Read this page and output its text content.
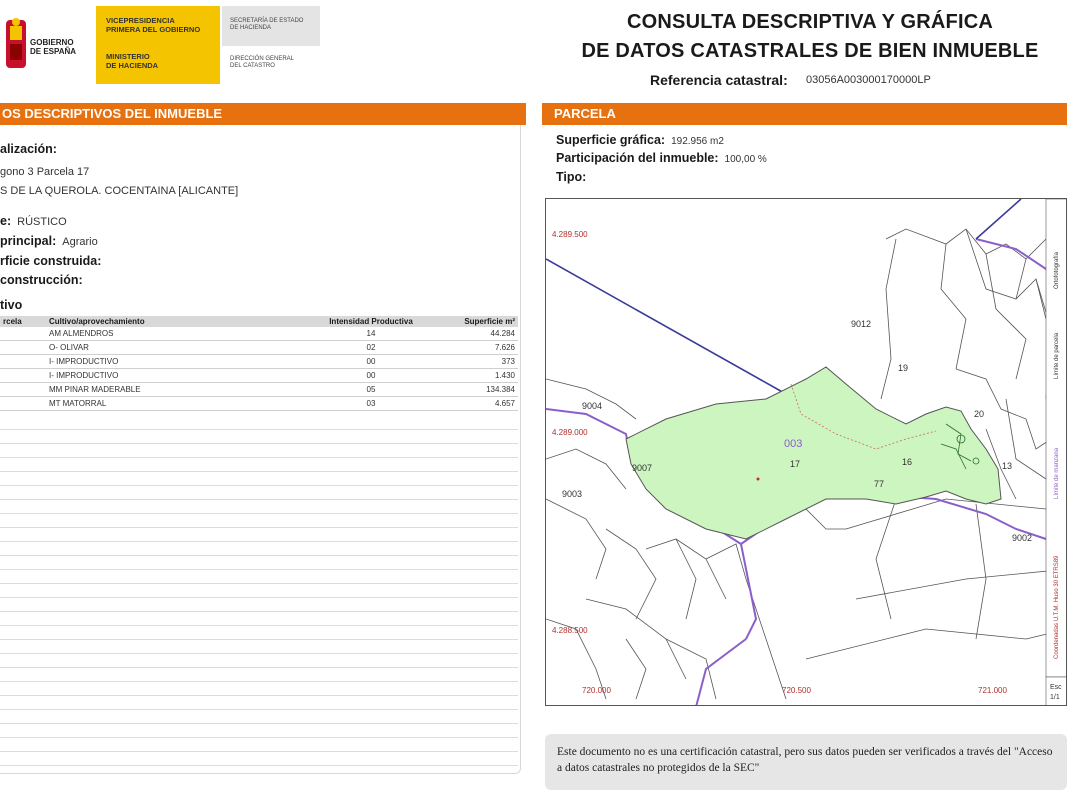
GOBIERNO
DE ESPAÑA
VICEPRESIDENCIA
PRIMERA DEL GOBIERNO
MINISTERIO
DE HACIENDA
SECRETARÍA DE ESTADO
DE HACIENDA
DIRECCIÓN GENERAL
DEL CATASTRO
CONSULTA DESCRIPTIVA Y GRÁFICA
DE DATOS CATASTRALES DE BIEN INMUEBLE
Referencia catastral: 03056A003000170000LP
OS DESCRIPTIVOS DEL INMUEBLE
alización:
gono 3 Parcela 17
S DE LA QUEROLA. COCENTAINA [ALICANTE]
e: RÚSTICO
principal: Agrario
rficie construida:
construcción:
tivo
rcela	Cultivo/aprovechamiento	Intensidad Productiva	Superficie m²
	AM ALMENDROS	14	44.284
	O- OLIVAR	02	7.626
	I- IMPRODUCTIVO	00	373
	I- IMPRODUCTIVO	00	1.430
	MM PINAR MADERABLE	05	134.384
	MT MATORRAL	03	4.657
PARCELA
Superficie gráfica: 192.956 m2
Participación del inmueble: 100,00 %
Tipo:
4.289.500
4.289.000
4.288.500
720.000	720.500	721.000
003
17
19
77
9012
9004
9007
9003
9002
20
13
16
Ortofotografía
Límite de parcela
Límite de manzana
Coordenadas U.T.M. Huso 30 ETRS89
Esc
1/1
Este documento no es una certificación catastral, pero sus datos pueden ser verificados a través del "Acceso a datos catastrales no protegidos de la SEC"
